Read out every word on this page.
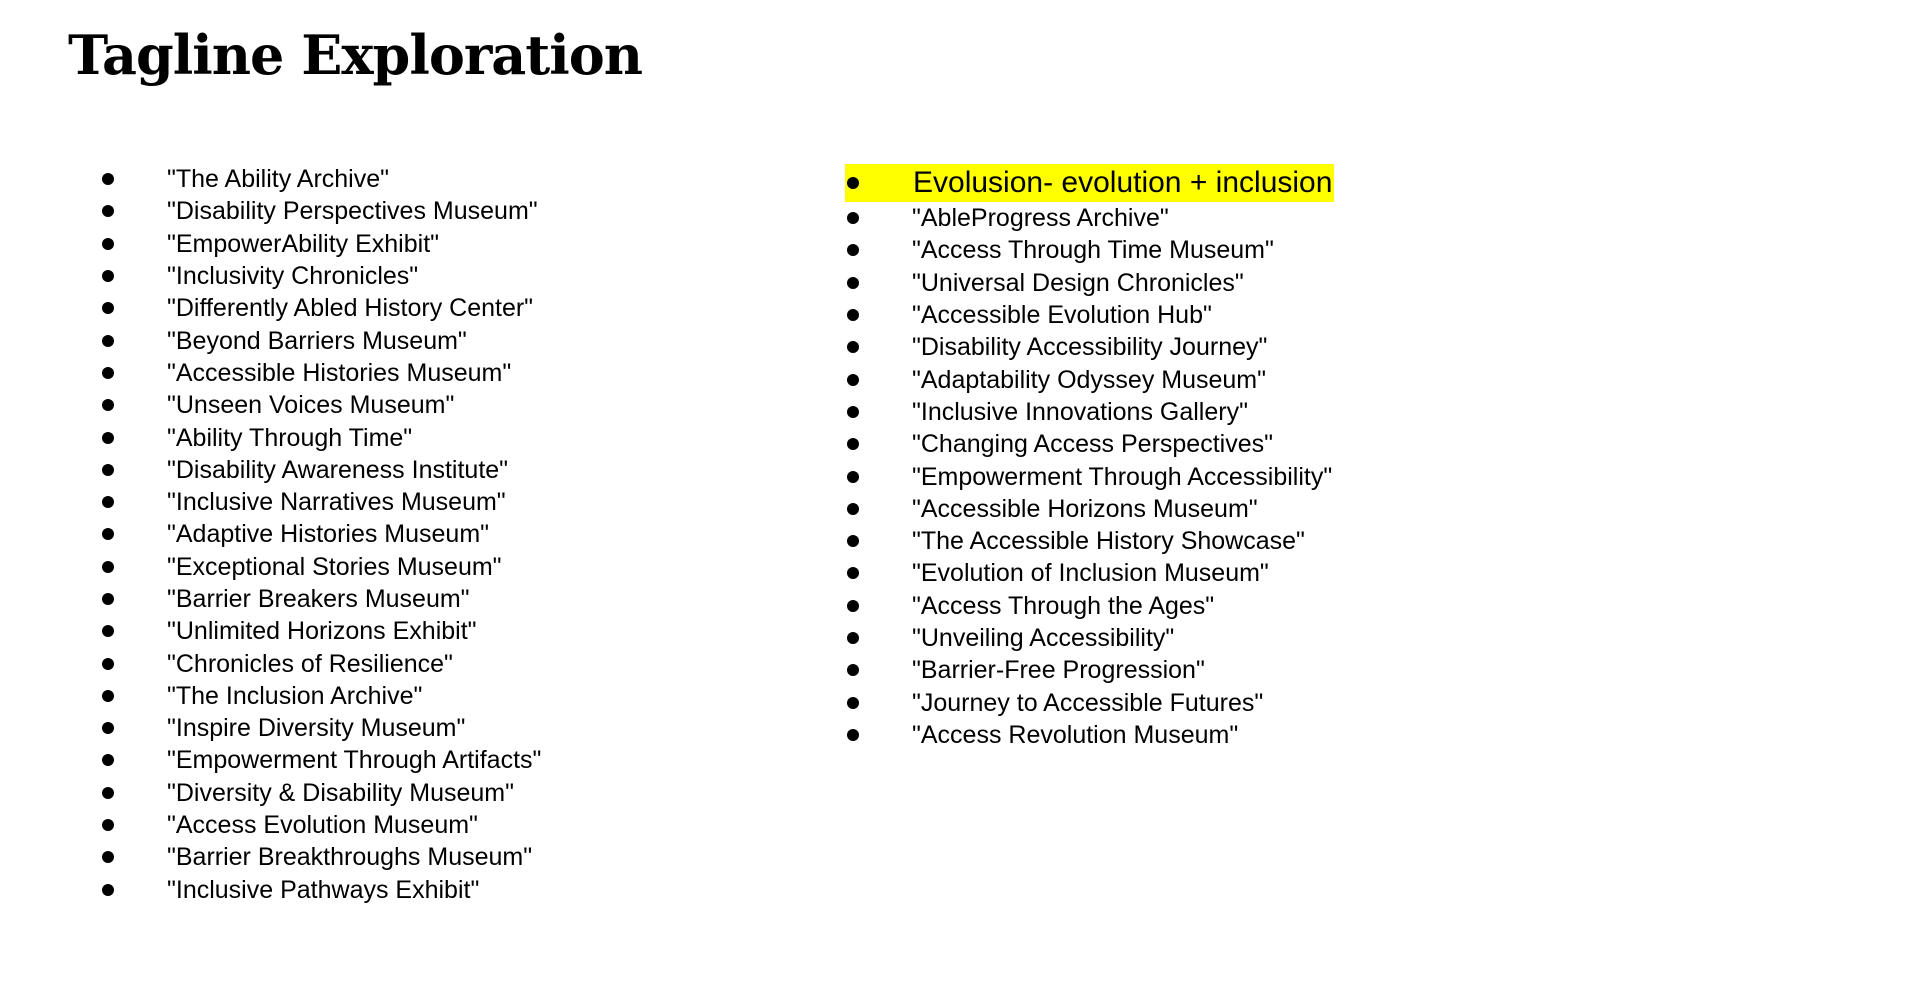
Tagline Exploration
"The Ability Archive"
"Disability Perspectives Museum"
"EmpowerAbility Exhibit"
"Inclusivity Chronicles"
"Differently Abled History Center"
"Beyond Barriers Museum"
"Accessible Histories Museum"
"Unseen Voices Museum"
"Ability Through Time"
"Disability Awareness Institute"
"Inclusive Narratives Museum"
"Adaptive Histories Museum"
"Exceptional Stories Museum"
"Barrier Breakers Museum"
"Unlimited Horizons Exhibit"
"Chronicles of Resilience"
"The Inclusion Archive"
"Inspire Diversity Museum"
"Empowerment Through Artifacts"
"Diversity & Disability Museum"
"Access Evolution Museum"
"Barrier Breakthroughs Museum"
"Inclusive Pathways Exhibit"
Evolusion- evolution + inclusion
"AbleProgress Archive"
"Access Through Time Museum"
"Universal Design Chronicles"
"Accessible Evolution Hub"
"Disability Accessibility Journey"
"Adaptability Odyssey Museum"
"Inclusive Innovations Gallery"
"Changing Access Perspectives"
"Empowerment Through Accessibility"
"Accessible Horizons Museum"
"The Accessible History Showcase"
"Evolution of Inclusion Museum"
"Access Through the Ages"
"Unveiling Accessibility"
"Barrier-Free Progression"
"Journey to Accessible Futures"
"Access Revolution Museum"
